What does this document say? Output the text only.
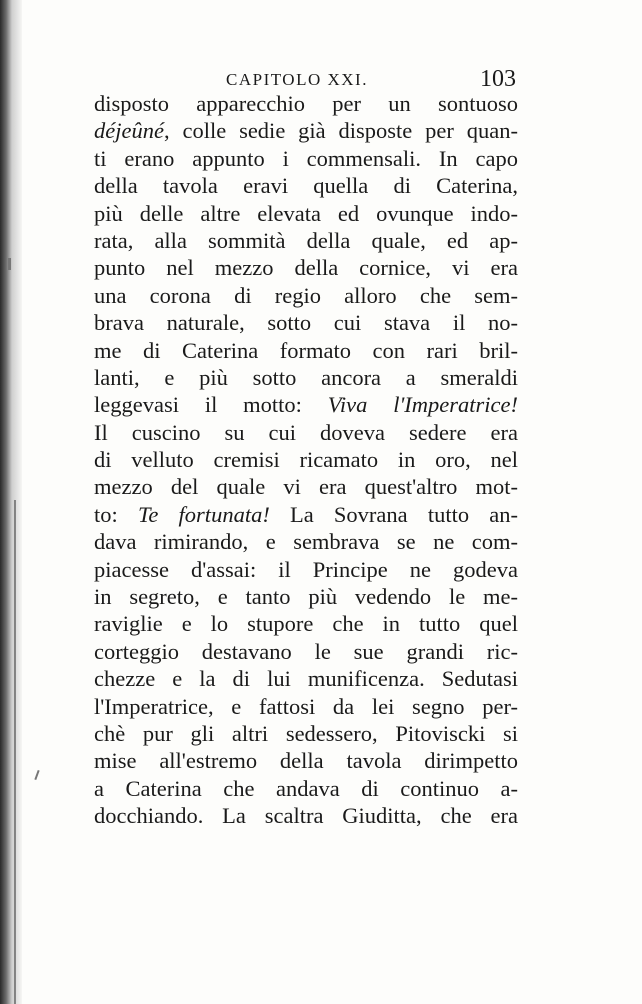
CAPITOLO XXI.	103
disposto apparecchio per un sontuoso
déjeûné, colle sedie già disposte per quan-
ti erano appunto i commensali. In capo
della tavola eravi quella di Caterina,
più delle altre elevata ed ovunque indo-
rata, alla sommità della quale, ed ap-
punto nel mezzo della cornice, vi era
una corona di regio alloro che sem-
brava naturale, sotto cui stava il no-
me di Caterina formato con rari bril-
lanti, e più sotto ancora a smeraldi
leggevasi il motto: Viva l'Imperatrice!
Il cuscino su cui doveva sedere era
di velluto cremisi ricamato in oro, nel
mezzo del quale vi era quest'altro mot-
to: Te fortunata! La Sovrana tutto an-
dava rimirando, e sembrava se ne com-
piacesse d'assai: il Principe ne godeva
in segreto, e tanto più vedendo le me-
raviglie e lo stupore che in tutto quel
corteggio destavano le sue grandi ric-
chezze e la di lui munificenza. Sedutasi
l'Imperatrice, e fattosi da lei segno per-
chè pur gli altri sedessero, Pitoviscki si
mise all'estremo della tavola dirimpetto
a Caterina che andava di continuo a-
docchiando. La scaltra Giuditta, che era
